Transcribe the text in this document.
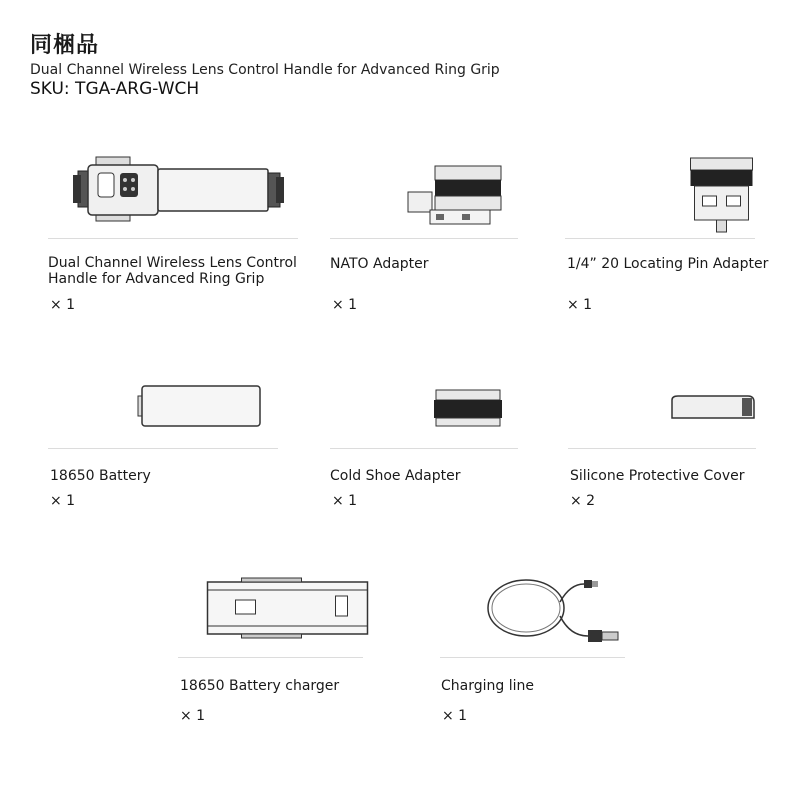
同梱品
Dual Channel Wireless Lens Control Handle for Advanced Ring Grip
SKU: TGA-ARG-WCH
Dual Channel Wireless Lens Control
Handle for Advanced Ring Grip
× 1
NATO Adapter
× 1
1/4” 20 Locating Pin Adapter
× 1
18650 Battery
× 1
Cold Shoe Adapter
× 1
Silicone Protective Cover
× 2
18650 Battery charger
× 1
Charging line
× 1
